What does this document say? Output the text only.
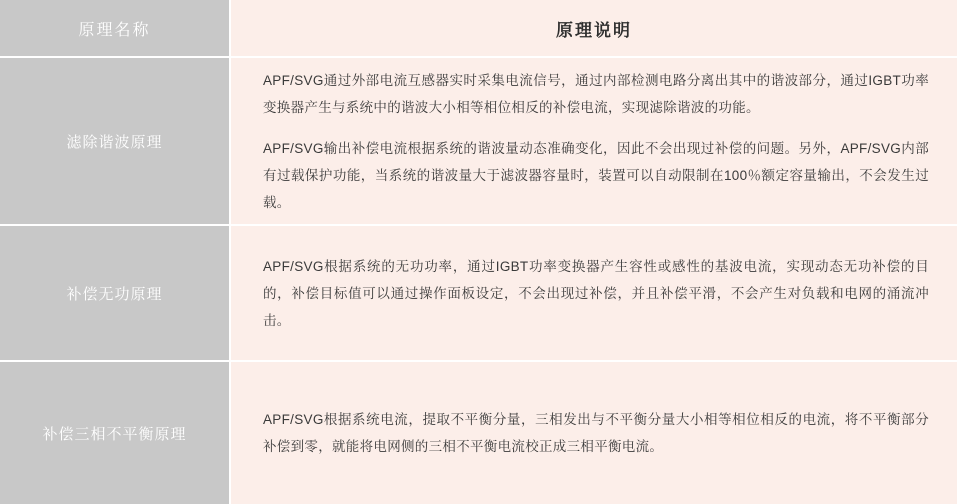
原理名称	原理说明
滤除谐波原理

APF/SVG通过外部电流互感器实时采集电流信号，通过内部检测电路分离出其中的谐波部分，通过IGBT功率变换器产生与系统中的谐波大小相等相位相反的补偿电流，实现滤除谐波的功能。

APF/SVG输出补偿电流根据系统的谐波量动态准确变化，因此不会出现过补偿的问题。另外，APF/SVG内部有过载保护功能，当系统的谐波量大于滤波器容量时，装置可以自动限制在100％额定容量输出，不会发生过载。

补偿无功原理

APF/SVG根据系统的无功功率，通过IGBT功率变换器产生容性或感性的基波电流，实现动态无功补偿的目的，补偿目标值可以通过操作面板设定，不会出现过补偿，并且补偿平滑，不会产生对负载和电网的涌流冲击。

补偿三相不平衡原理

APF/SVG根据系统电流，提取不平衡分量，三相发出与不平衡分量大小相等相位相反的电流，将不平衡部分补偿到零，就能将电网侧的三相不平衡电流校正成三相平衡电流。
